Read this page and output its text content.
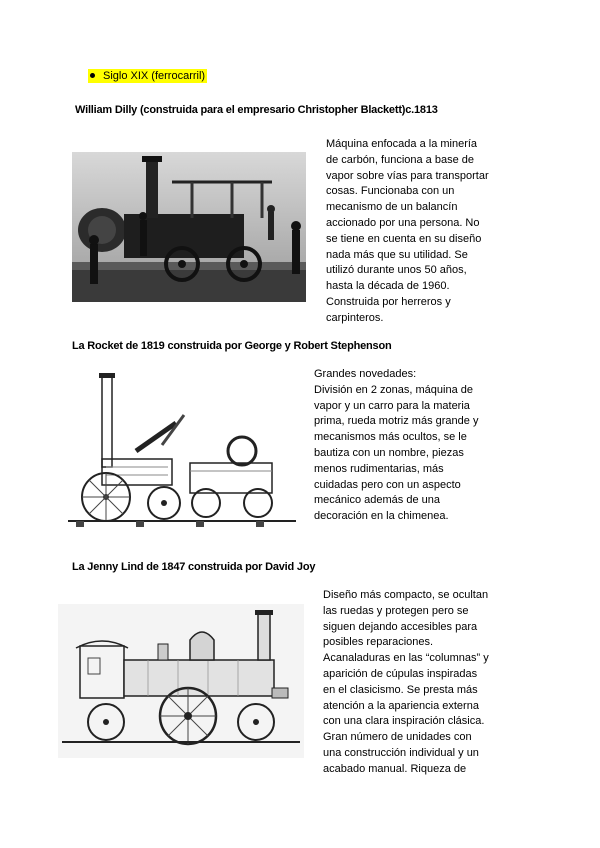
Siglo XIX (ferrocarril)
William Dilly (construida para el empresario Christopher Blackett)c.1813
Máquina enfocada a la minería
de carbón, funciona a base de
vapor sobre vías para transportar
cosas. Funcionaba con un
mecanismo de un balancín
accionado por una persona. No
se tiene en cuenta en su diseño
nada más que su utilidad. Se
utilizó durante unos 50 años,
hasta la década de 1960.
Construida por herreros y
carpinteros.
La Rocket de 1819 construida por George y Robert Stephenson
Grandes novedades:
División en 2 zonas, máquina de
vapor y un carro para la materia
prima, rueda motriz más grande y
mecanismos más ocultos, se le
bautiza con un nombre, piezas
menos rudimentarias, más
cuidadas pero con un aspecto
mecánico además de una
decoración en la chimenea.
La Jenny Lind de 1847 construida por David Joy
Diseño más compacto, se ocultan
las ruedas y protegen pero se
siguen dejando accesibles para
posibles reparaciones.
Acanaladuras en las “columnas” y
aparición de cúpulas inspiradas
en el clasicismo. Se presta más
atención a la apariencia externa
con una clara inspiración clásica.
Gran número de unidades con
una construcción individual y un
acabado manual. Riqueza de
